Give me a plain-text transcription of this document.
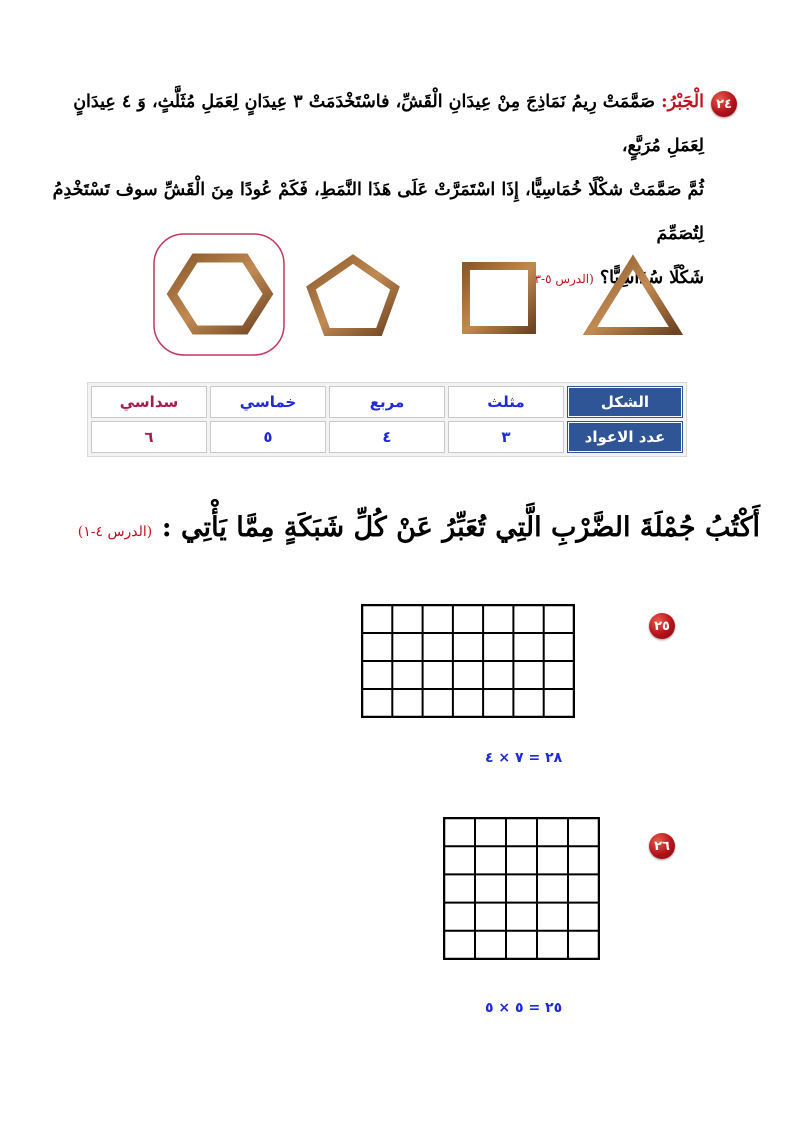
٢٤
الْجَبْرُ: صَمَّمَتْ رِيمُ نَمَاذِجَ مِنْ عِيدَانِ الْقَشِّ، فاسْتَخْدَمَتْ ٣ عِيدَانٍ لِعَمَلِ مُثَلَّثٍ، وَ ٤ عِيدَانٍ لِعَمَلِ مُرَبَّعٍ،
ثُمَّ صَمَّمَتْ شكْلًا خُمَاسِيًّا، إِذَا اسْتَمَرَّتْ عَلَى هَذَا النَّمَطِ، فَكَمْ عُودًا مِنَ الْقَشِّ سوف تَسْتَخْدِمُ لِتُصَمِّمَ
شَكْلًا سُدَاسِيًّا؟ (الدرس ٥-٣)
الشكل	مثلث	مربع	خماسي	سداسي
عدد الاعواد	٣	٤	٥	٦
أَكْتُبُ جُمْلَةَ الضَّرْبِ الَّتِي تُعَبِّرُ عَنْ كُلِّ شَبَكَةٍ مِمَّا يَأْتِي : (الدرس ٤-١)
٢٥
٢٨ = ٧ × ٤
٢٦
٢٥ = ٥ × ٥
